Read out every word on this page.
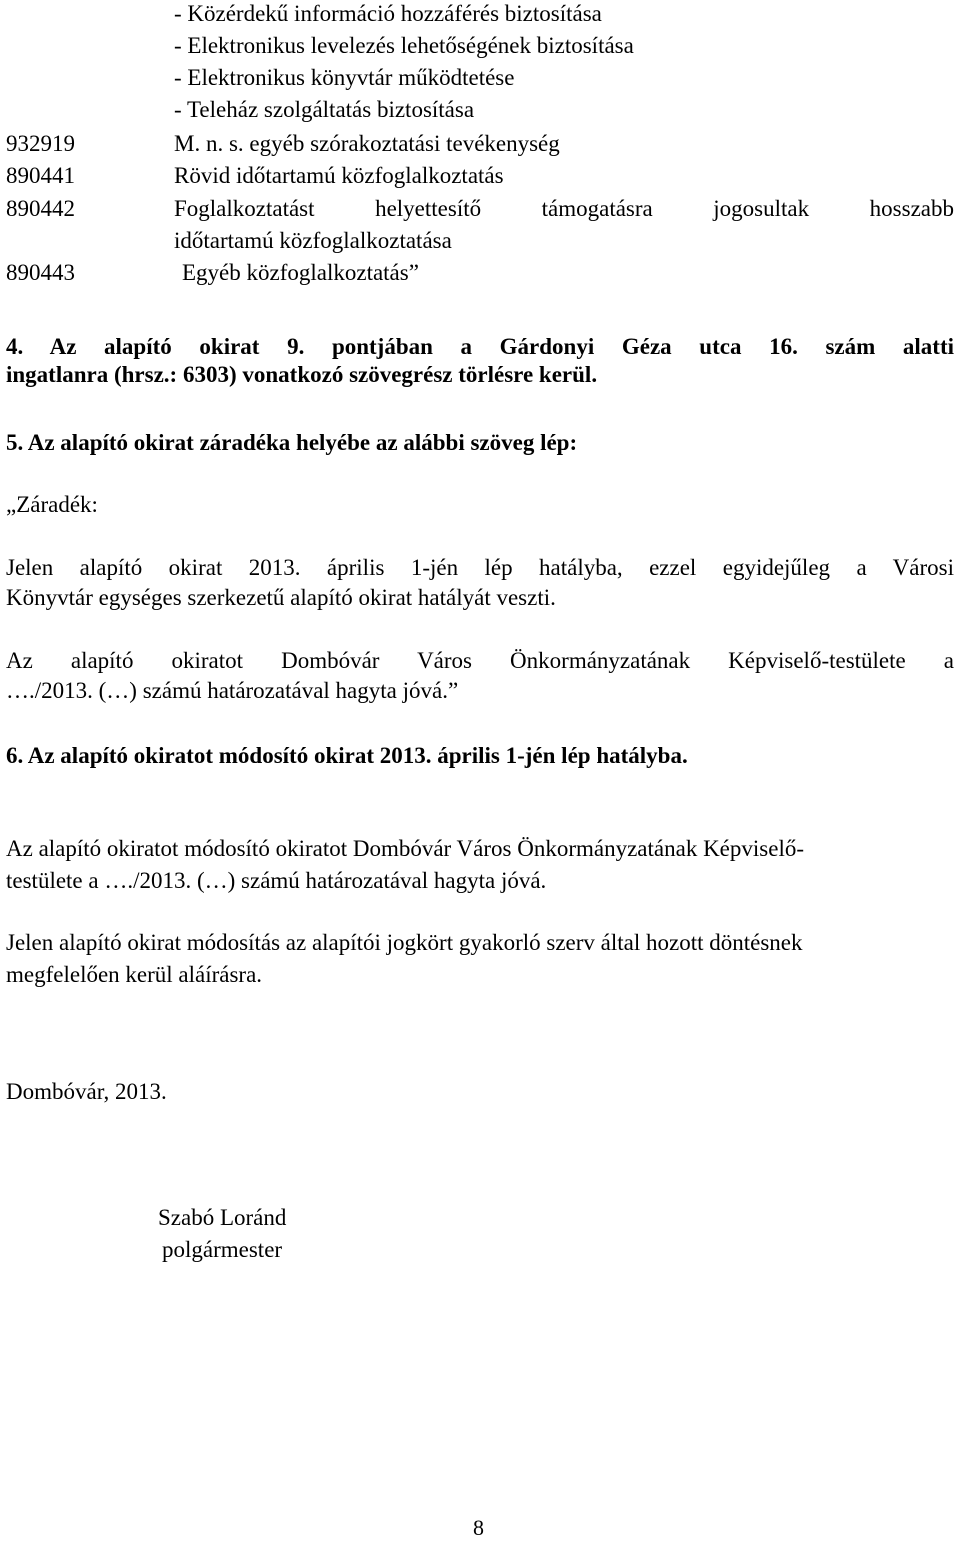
- Közérdekű információ hozzáférés biztosítása
- Elektronikus levelezés lehetőségének biztosítása
- Elektronikus könyvtár működtetése
- Teleház szolgáltatás biztosítása
932919	M. n. s. egyéb szórakoztatási tevékenység
890441	Rövid időtartamú közfoglalkoztatás
890442	Foglalkoztatást helyettesítő támogatásra jogosultak hosszabb
időtartamú közfoglalkoztatása
890443	Egyéb közfoglalkoztatás”
4. Az alapító okirat 9. pontjában a Gárdonyi Géza utca 16. szám alatti
ingatlanra (hrsz.: 6303) vonatkozó szövegrész törlésre kerül.
5. Az alapító okirat záradéka helyébe az alábbi szöveg lép:
„Záradék:
Jelen alapító okirat 2013. április 1-jén lép hatályba, ezzel egyidejűleg a Városi
Könyvtár egységes szerkezetű alapító okirat hatályát veszti.
Az alapító okiratot Dombóvár Város Önkormányzatának Képviselő-testülete a
…./2013. (…) számú határozatával hagyta jóvá.”
6. Az alapító okiratot módosító okirat 2013. április 1-jén lép hatályba.
Az alapító okiratot módosító okiratot Dombóvár Város Önkormányzatának Képviselő-
testülete a …./2013. (…) számú határozatával hagyta jóvá.
Jelen alapító okirat módosítás az alapítói jogkört gyakorló szerv által hozott döntésnek
megfelelően kerül aláírásra.
Dombóvár, 2013.
Szabó Loránd
polgármester
8
